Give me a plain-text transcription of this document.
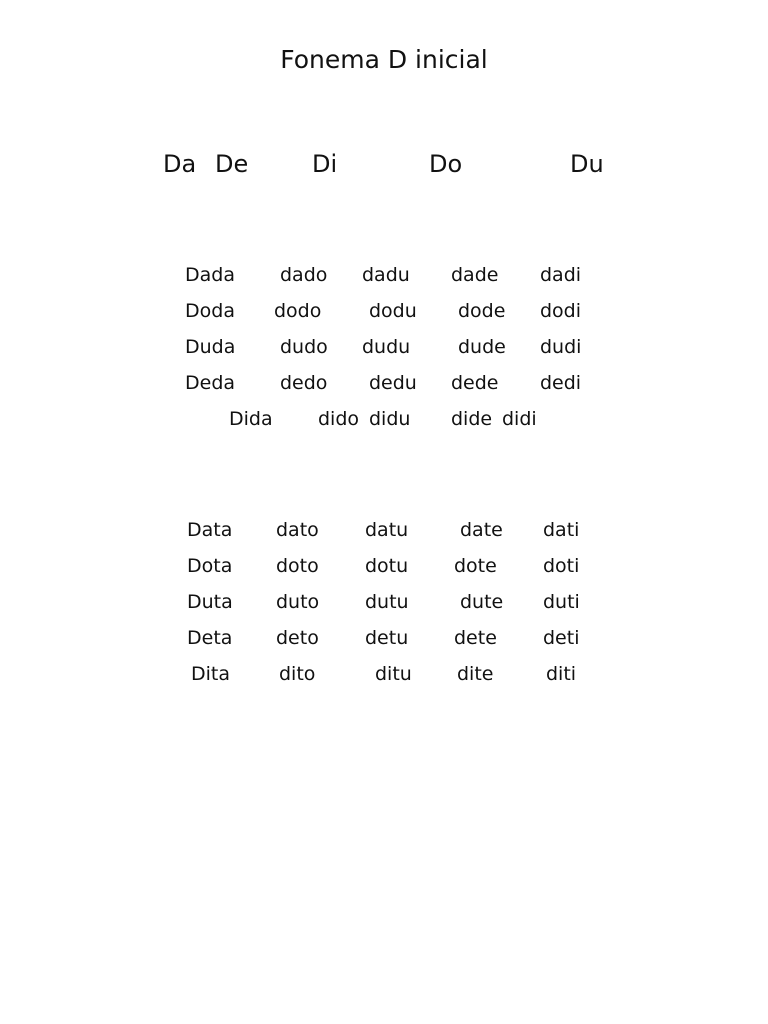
Fonema D inicial
Da De	Di	Do	Du
Dada dado dadu dade dadi
Doda dodo	dodu dode dodi
Duda dudo dudu	dude dudi
Deda dedo dedu dede dedi
Dida dido didu dide didi
Data dato datu	date dati
Dota doto dotu dote doti
Duta duto dutu	dute duti
Deta deto detu dete deti
Dita	dito	ditu dite	diti
